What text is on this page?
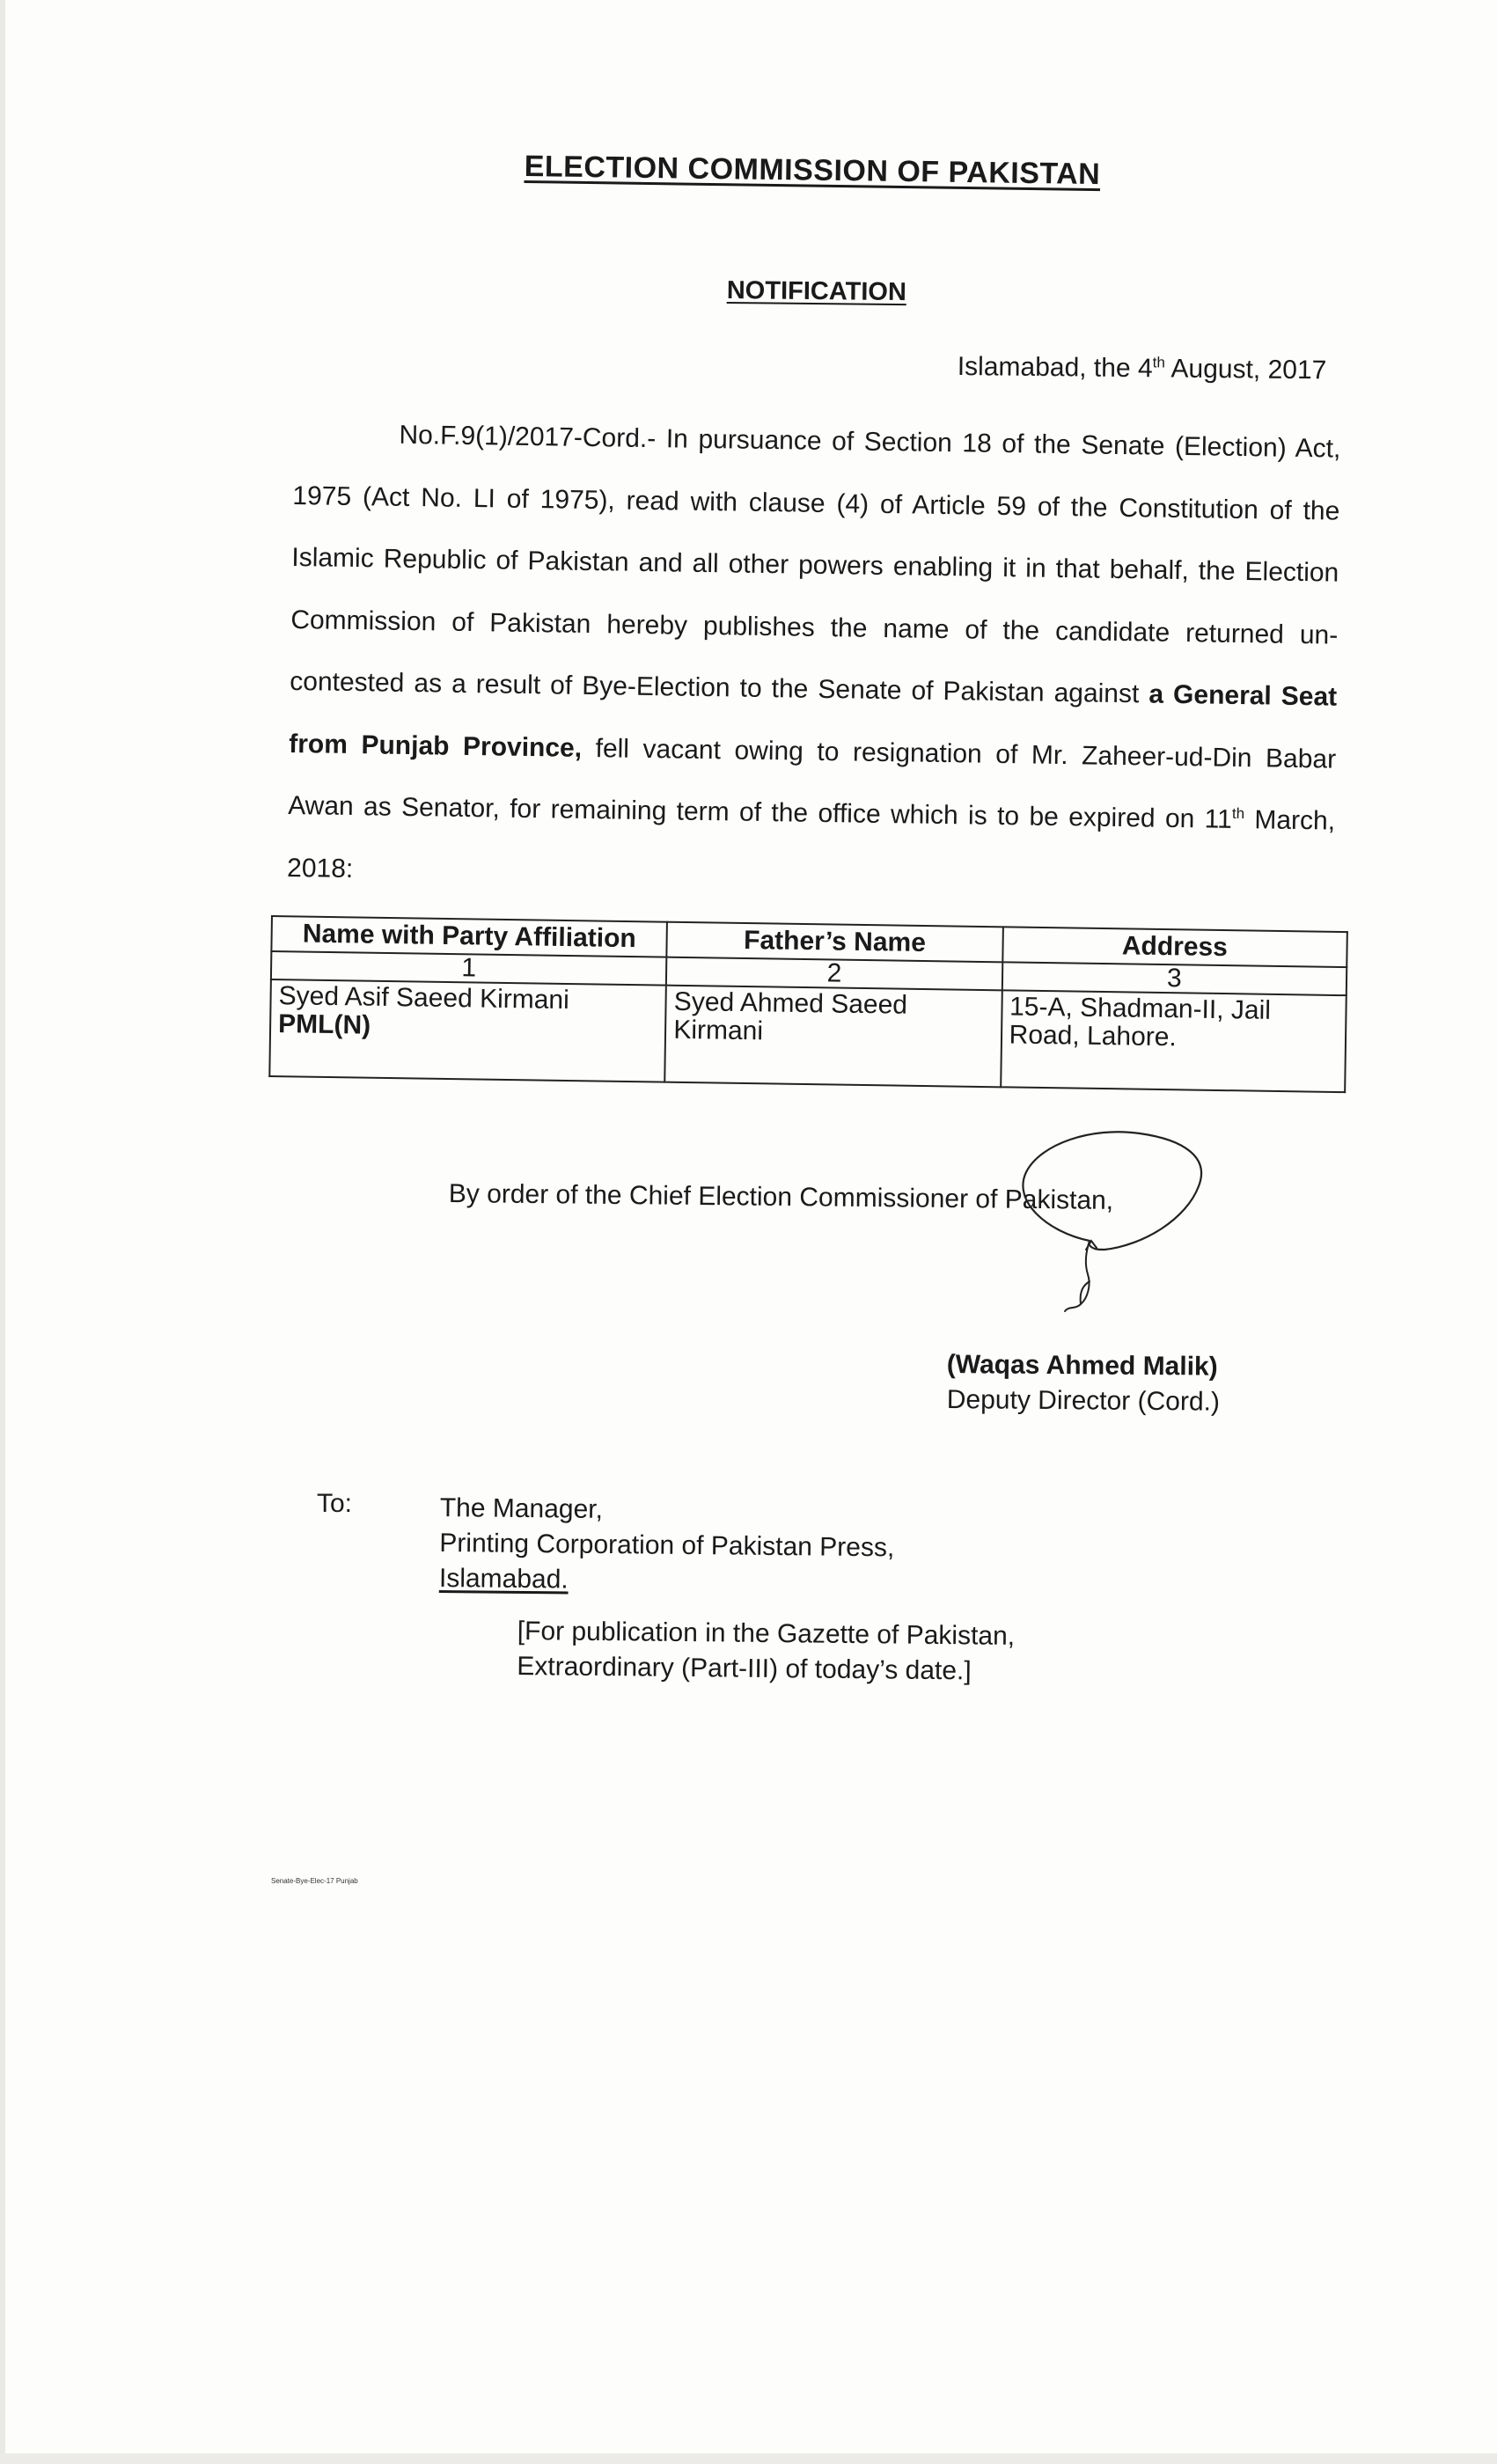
ELECTION COMMISSION OF PAKISTAN
NOTIFICATION
Islamabad, the 4th August, 2017

No.F.9(1)/2017-Cord.- In pursuance of Section 18 of the Senate (Election) Act, 1975 (Act No. LI of 1975), read with clause (4) of Article 59 of the Constitution of the Islamic Republic of Pakistan and all other powers enabling it in that behalf, the Election Commission of Pakistan hereby publishes the name of the candidate returned un-contested as a result of Bye-Election to the Senate of Pakistan against a General Seat from Punjab Province, fell vacant owing to resignation of Mr. Zaheer-ud-Din Babar Awan as Senator, for remaining term of the office which is to be expired on 11th March, 2018:

Name with Party Affiliation	Father’s Name	Address
1	2	3

Syed Asif Saeed Kirmani
PML(N)	Syed Ahmed Saeed Kirmani	15-A, Shadman-II, Jail Road, Lahore.
By order of the Chief Election Commissioner of Pakistan,
(Waqas Ahmed Malik)
Deputy Director (Cord.)
To:	The Manager,
Printing Corporation of Pakistan Press,
Islamabad.
[For publication in the Gazette of Pakistan,
Extraordinary (Part-III) of today’s date.]
Senate-Bye-Elec-17 Punjab
